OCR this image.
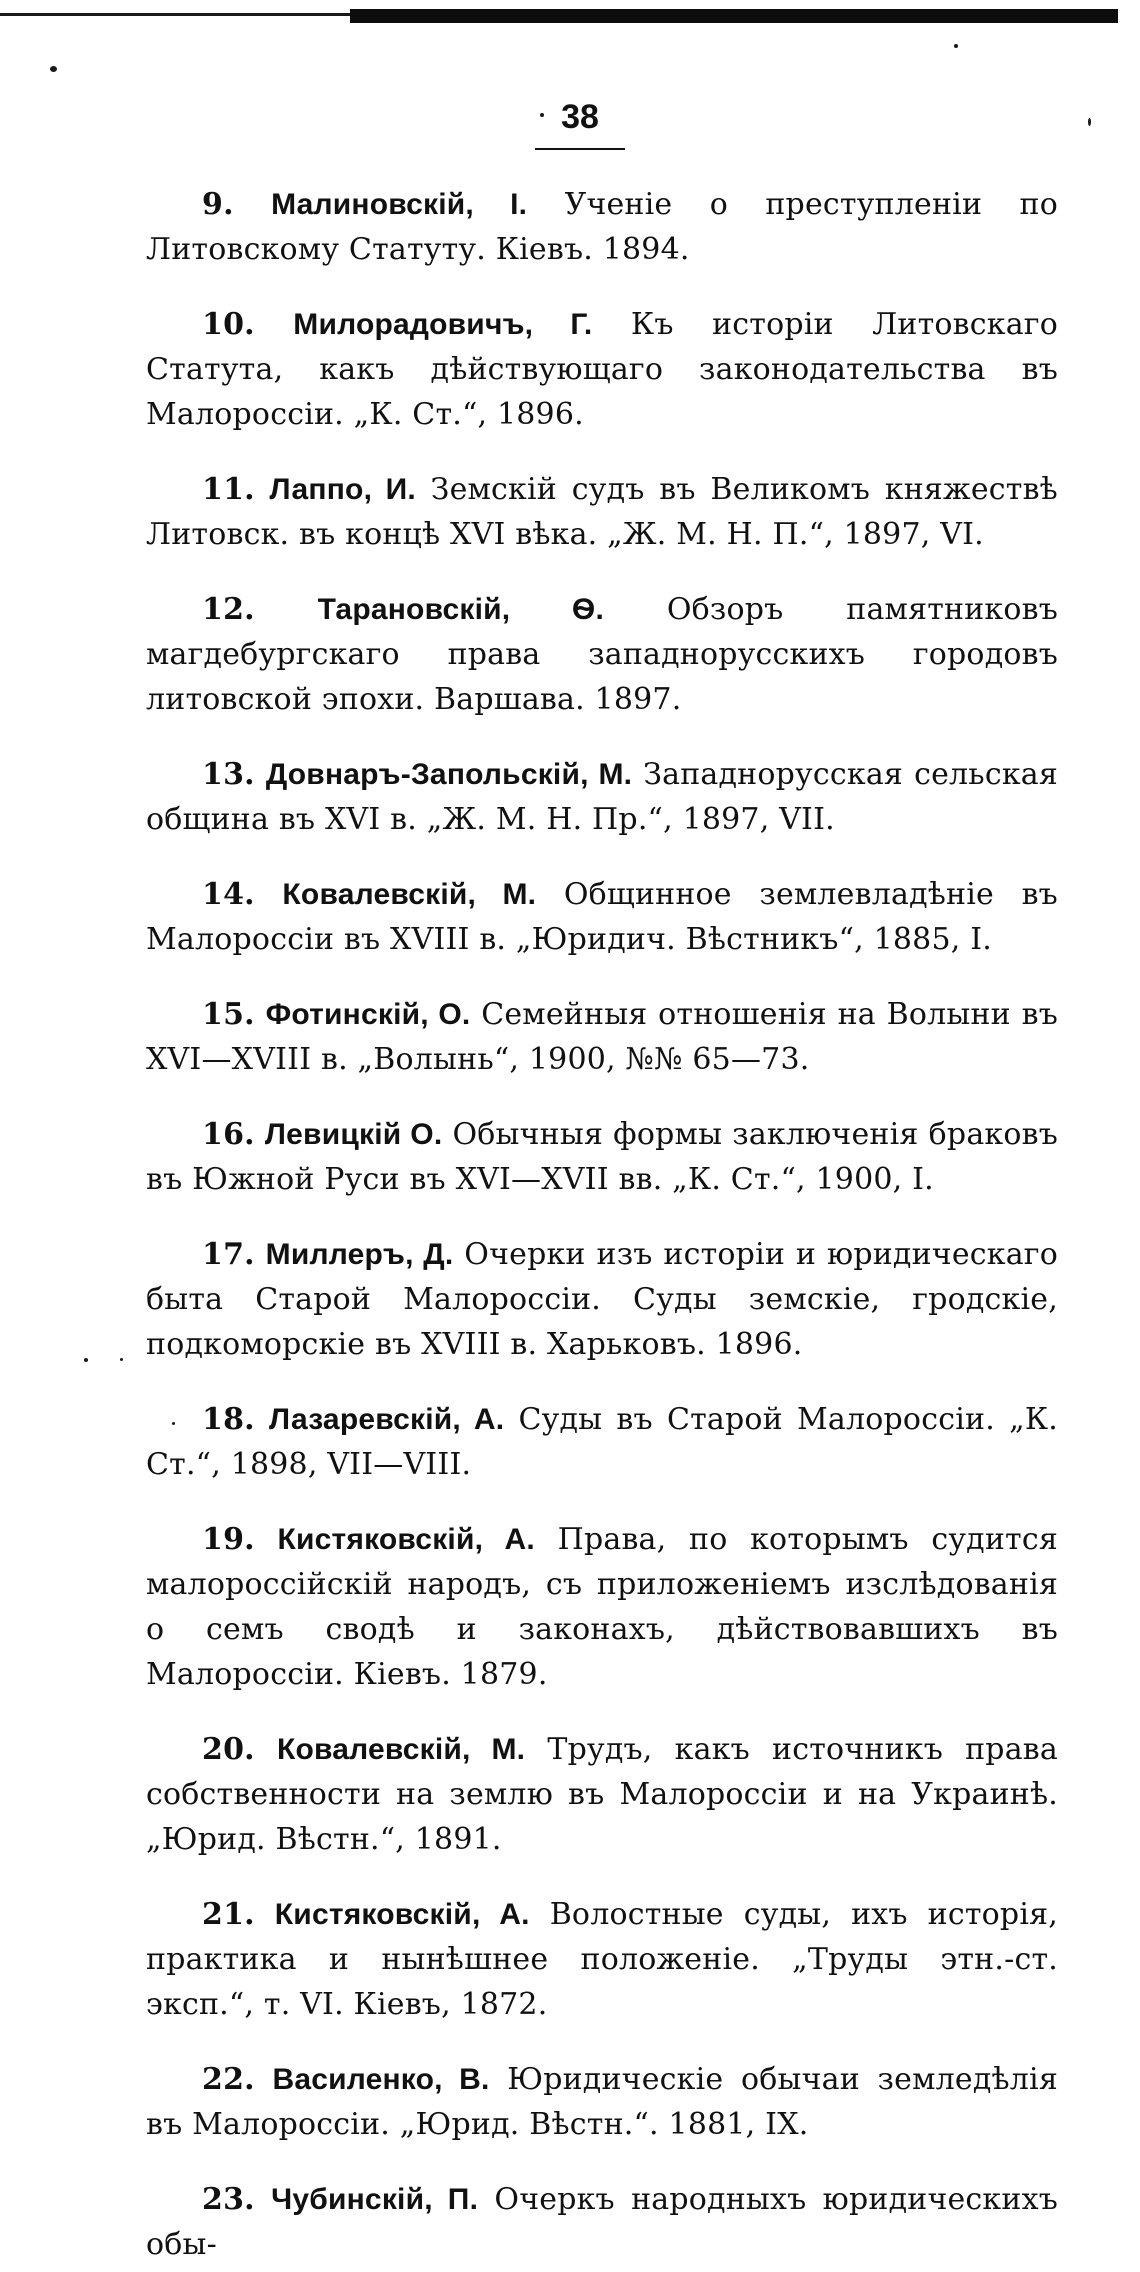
38

9. Малиновскій, І. Ученіе о преступленіи по Литовскому Статуту. Кіевъ. 1894.

10. Милорадовичъ, Г. Къ исторіи Литовскаго Статута, какъ дѣйствующаго законодательства въ Малороссіи. „К. Ст.“, 1896.

11. Лаппо, И. Земскій судъ въ Великомъ княжествѣ Литовск. въ концѣ XVI вѣка. „Ж. М. Н. П.“, 1897, VI.

12. Тарановскій, Ѳ. Обзоръ памятниковъ магдебургскаго права западнорусскихъ городовъ литовской эпохи. Варшава. 1897.

13. Довнаръ-Запольскій, М. Западнорусская сельская община въ XVI в. „Ж. М. Н. Пр.“, 1897, VII.

14. Ковалевскій, М. Общинное землевладѣніе въ Малороссіи въ XVIII в. „Юридич. Вѣстникъ“, 1885, I.

15. Фотинскій, О. Семейныя отношенія на Волыни въ XVI—XVIII в. „Волынь“, 1900, №№ 65—73.

16. Левицкій О. Обычныя формы заключенія браковъ въ Южной Руси въ XVI—XVII вв. „К. Ст.“, 1900, I.

17. Миллеръ, Д. Очерки изъ исторіи и юридическаго быта Старой Малороссіи. Суды земскіе, гродскіе, подкоморскіе въ XVIII в. Харьковъ. 1896.

18. Лазаревскій, А. Суды въ Старой Малороссіи. „К. Ст.“, 1898, VII—VIII.

19. Кистяковскій, А. Права, по которымъ судится малороссійскій народъ, съ приложеніемъ изслѣдованія о семъ сводѣ и законахъ, дѣйствовавшихъ въ Малороссіи. Кіевъ. 1879.

20. Ковалевскій, М. Трудъ, какъ источникъ права собственности на землю въ Малороссіи и на Украинѣ. „Юрид. Вѣстн.“, 1891.

21. Кистяковскій, А. Волостные суды, ихъ исторія, практика и нынѣшнее положеніе. „Труды этн.-ст. эксп.“, т. VI. Кіевъ, 1872.

22. Василенко, В. Юридическіе обычаи земледѣлія въ Малороссіи. „Юрид. Вѣстн.“. 1881, IX.

23. Чубинскій, П. Очеркъ народныхъ юридическихъ обы-
